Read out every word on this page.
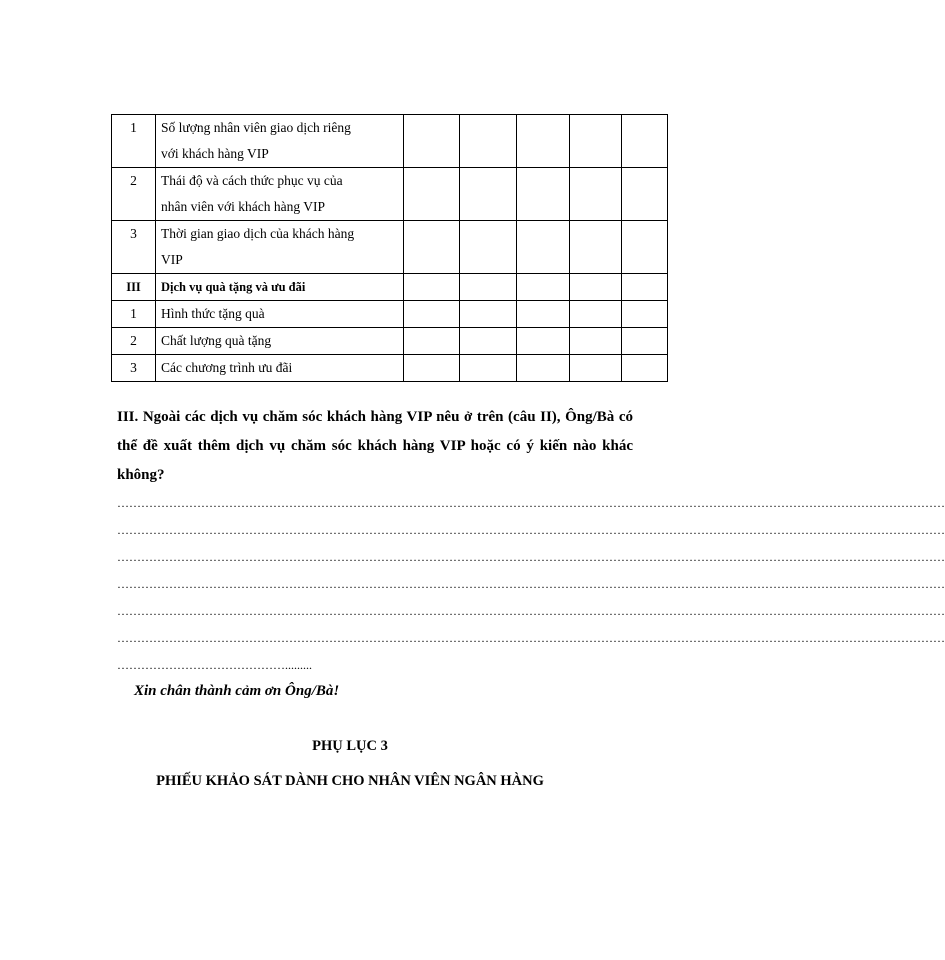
1	Số lượng nhân viên giao dịch riêng
với khách hàng VIP					

2	Thái độ và cách thức phục vụ của
nhân viên với khách hàng VIP					

3	Thời gian giao dịch của khách hàng
VIP					

III	Dịch vụ quà tặng và ưu đãi					

1	Hình thức tặng quà					

2	Chất lượng quà tặng					

3	Các chương trình ưu đãi					

III. Ngoài các dịch vụ chăm sóc khách hàng VIP nêu ở trên (câu II), Ông/Bà có thể đề xuất thêm dịch vụ chăm sóc khách hàng VIP hoặc có ý kiến nào khác không?
………………………………………………………………………………………………………………………………………………………………………………………
………………………………………………………………………………………………………………………………………………………………………………………
………………………………………………………………………………………………………………………………………………………………………………………
………………………………………………………………………………………………………………………………………………………………………………………
………………………………………………………………………………………………………………………………………………………………………………………
………………………………………………………………………………………………………………………………………………………………………………………
…………………………………….........
Xin chân thành cảm ơn Ông/Bà!
PHỤ LỤC 3
PHIẾU KHẢO SÁT DÀNH CHO NHÂN VIÊN NGÂN HÀNG
